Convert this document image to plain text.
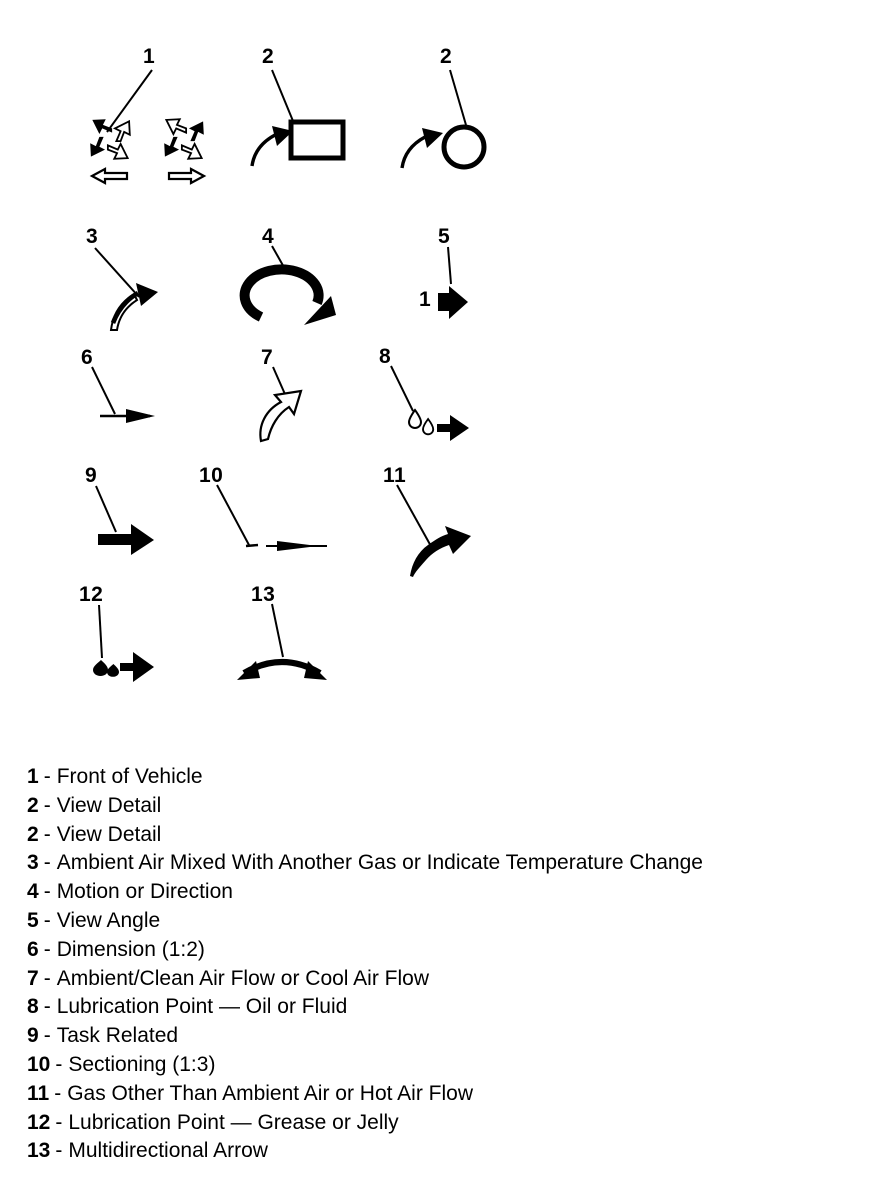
1	2	2
3	4	5
6	7	8
9	10	11
12	13
1
1 - Front of Vehicle
2 - View Detail
2 - View Detail
3 - Ambient Air Mixed With Another Gas or Indicate Temperature Change
4 - Motion or Direction
5 - View Angle
6 - Dimension (1:2)
7 - Ambient/Clean Air Flow or Cool Air Flow
8 - Lubrication Point — Oil or Fluid
9 - Task Related
10 - Sectioning (1:3)
11 - Gas Other Than Ambient Air or Hot Air Flow
12 - Lubrication Point — Grease or Jelly
13 - Multidirectional Arrow
